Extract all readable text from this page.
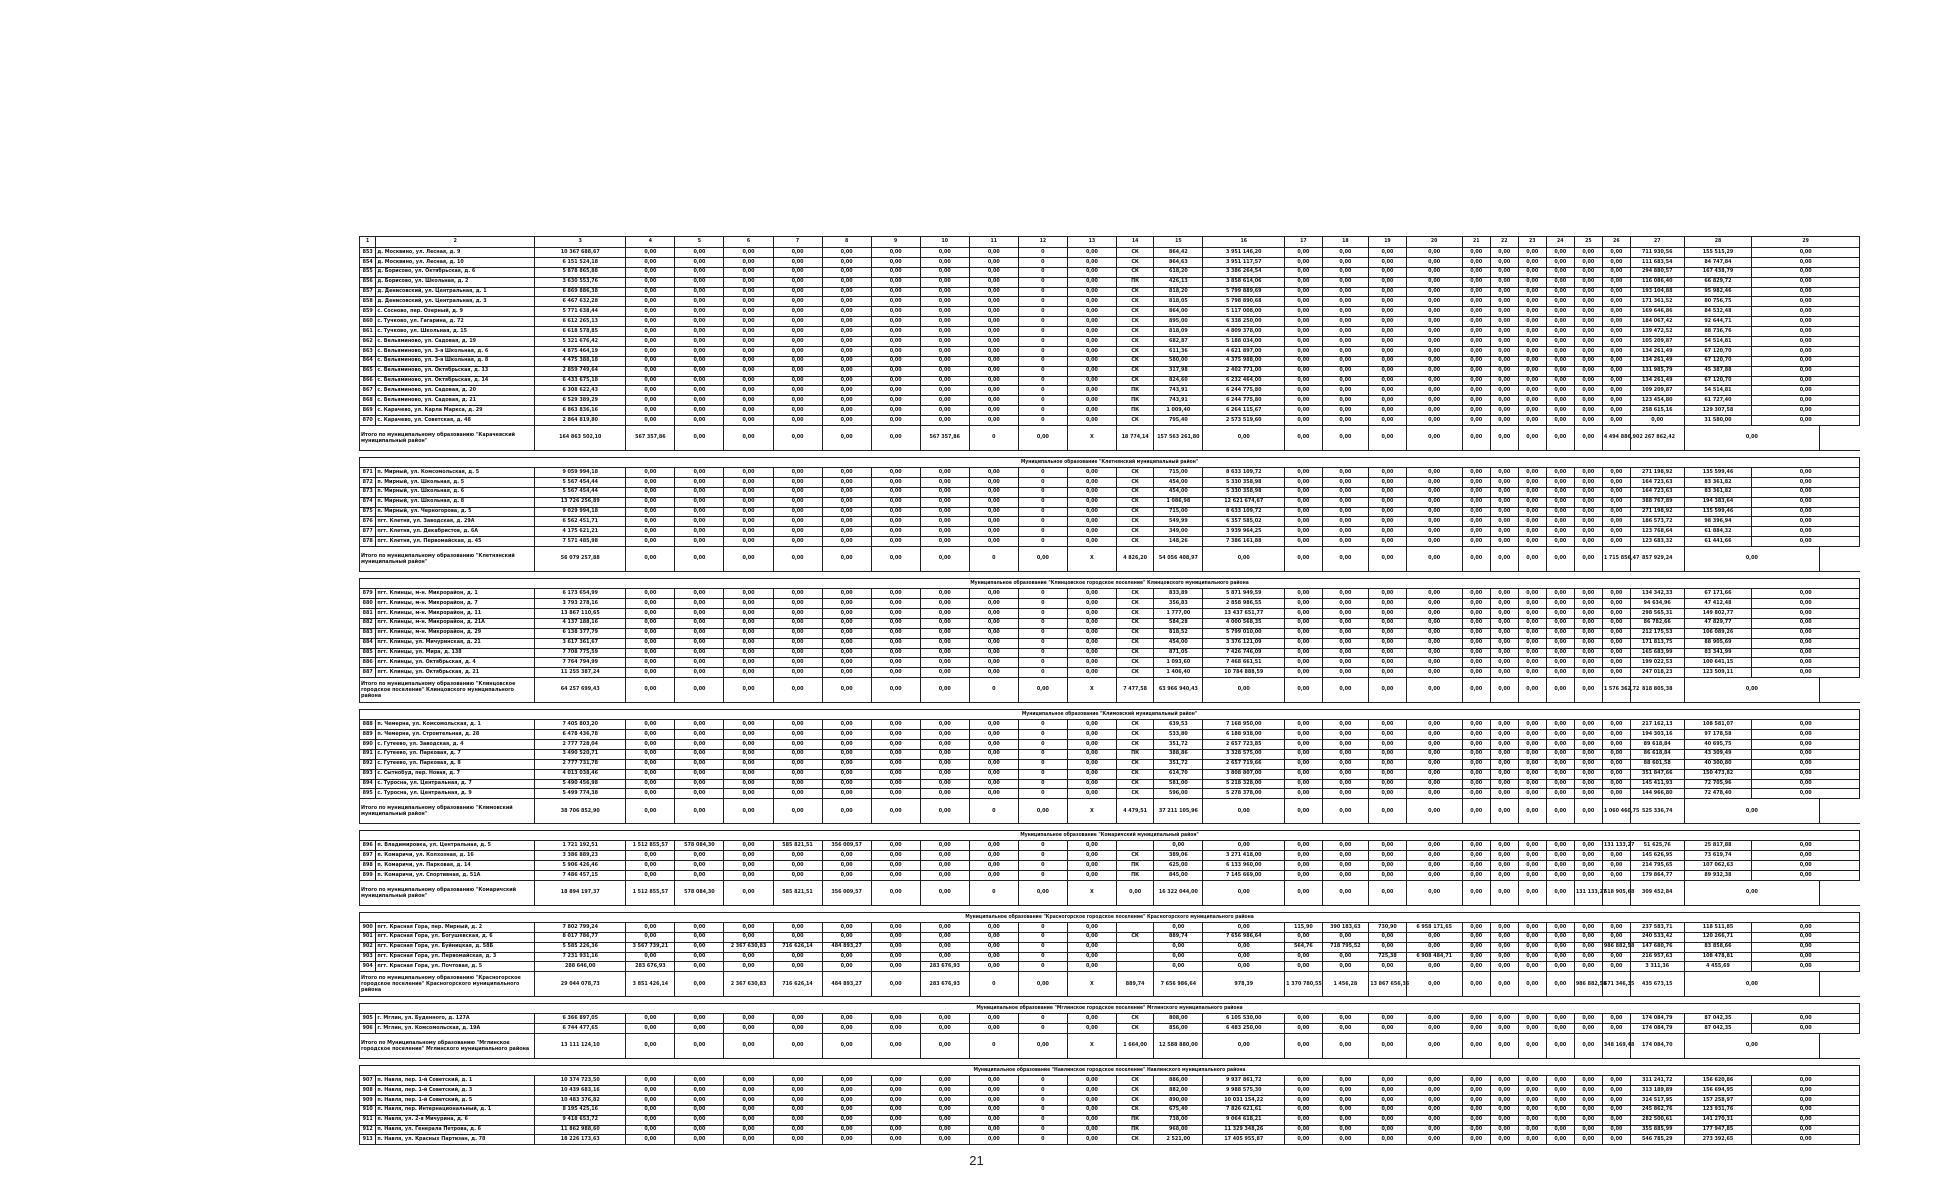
1	2	3	4	5	6	7	8	9	10	11	12	13	14	15	16	17	18	19	20	21	22	23	24	25	26	27	28	29
853	д. Москвино, ул. Лесная, д. 9	10 367 688,67	0,00	0,00	0,00	0,00	0,00	0,00	0,00	0,00	0	0,00	СК	864,42	3 951 146,20	0,00	0,00	0,00	0,00	0,00	0,00	0,00	0,00	0,00	0,00	711 930,56	155 515,29	0,00
854	д. Москвино, ул. Лесная, д. 10	6 151 524,18	0,00	0,00	0,00	0,00	0,00	0,00	0,00	0,00	0	0,00	СК	864,63	3 951 117,57	0,00	0,00	0,00	0,00	0,00	0,00	0,00	0,00	0,00	0,00	111 683,54	84 747,84	0,00
855	д. Борисово, ул. Октябрьская, д. 6	5 878 865,88	0,00	0,00	0,00	0,00	0,00	0,00	0,00	0,00	0	0,00	СК	618,20	3 386 264,54	0,00	0,00	0,00	0,00	0,00	0,00	0,00	0,00	0,00	0,00	294 880,57	167 438,79	0,00
856	д. Борисово, ул. Школьная, д. 2	3 630 553,76	0,00	0,00	0,00	0,00	0,00	0,00	0,00	0,00	0	0,00	ПК	426,13	3 858 614,06	0,00	0,00	0,00	0,00	0,00	0,00	0,00	0,00	0,00	0,00	116 086,40	66 829,72	0,00
857	д. Денисовский, ул. Центральная, д. 1	6 869 886,38	0,00	0,00	0,00	0,00	0,00	0,00	0,00	0,00	0	0,00	СК	818,20	5 799 889,69	0,00	0,00	0,00	0,00	0,00	0,00	0,00	0,00	0,00	0,00	193 104,88	95 982,46	0,00
858	д. Денисовский, ул. Центральная, д. 3	6 467 632,28	0,00	0,00	0,00	0,00	0,00	0,00	0,00	0,00	0	0,00	СК	818,05	5 798 890,68	0,00	0,00	0,00	0,00	0,00	0,00	0,00	0,00	0,00	0,00	171 361,52	80 756,75	0,00
859	с. Сосново, пер. Озерный, д. 9	5 771 638,44	0,00	0,00	0,00	0,00	0,00	0,00	0,00	0,00	0	0,00	СК	864,00	5 117 008,00	0,00	0,00	0,00	0,00	0,00	0,00	0,00	0,00	0,00	0,00	169 646,86	84 532,48	0,00
860	с. Тучково, ул. Гагарина, д. 72	6 612 265,13	0,00	0,00	0,00	0,00	0,00	0,00	0,00	0,00	0	0,00	СК	895,00	6 338 250,00	0,00	0,00	0,00	0,00	0,00	0,00	0,00	0,00	0,00	0,00	184 067,42	92 644,71	0,00
861	с. Тучково, ул. Школьная, д. 15	6 618 578,85	0,00	0,00	0,00	0,00	0,00	0,00	0,00	0,00	0	0,00	СК	818,09	4 809 378,00	0,00	0,00	0,00	0,00	0,00	0,00	0,00	0,00	0,00	0,00	139 472,52	88 736,76	0,00
862	с. Вельяминово, ул. Садовая, д. 19	5 321 676,42	0,00	0,00	0,00	0,00	0,00	0,00	0,00	0,00	0	0,00	СК	682,87	5 188 034,00	0,00	0,00	0,00	0,00	0,00	0,00	0,00	0,00	0,00	0,00	105 209,87	54 514,81	0,00
863	с. Вельяминово, ул. 3-я Школьная, д. 6	4 875 464,19	0,00	0,00	0,00	0,00	0,00	0,00	0,00	0,00	0	0,00	СК	611,36	4 621 897,00	0,00	0,00	0,00	0,00	0,00	0,00	0,00	0,00	0,00	0,00	134 261,49	67 120,70	0,00
864	с. Вельяминово, ул. 3-я Школьная, д. 8	4 475 388,18	0,00	0,00	0,00	0,00	0,00	0,00	0,00	0,00	0	0,00	СК	580,00	4 375 988,00	0,00	0,00	0,00	0,00	0,00	0,00	0,00	0,00	0,00	0,00	134 261,49	67 120,70	0,00
865	с. Вельяминово, ул. Октябрьская, д. 13	2 859 749,64	0,00	0,00	0,00	0,00	0,00	0,00	0,00	0,00	0	0,00	СК	317,98	2 402 771,00	0,00	0,00	0,00	0,00	0,00	0,00	0,00	0,00	0,00	0,00	131 985,79	45 387,88	0,00
866	с. Вельяминово, ул. Октябрьская, д. 14	6 433 675,18	0,00	0,00	0,00	0,00	0,00	0,00	0,00	0,00	0	0,00	СК	824,60	6 232 464,00	0,00	0,00	0,00	0,00	0,00	0,00	0,00	0,00	0,00	0,00	134 261,49	67 120,70	0,00
867	с. Вельяминово, ул. Садовая, д. 20	6 308 622,43	0,00	0,00	0,00	0,00	0,00	0,00	0,00	0,00	0	0,00	ПК	743,91	6 244 775,80	0,00	0,00	0,00	0,00	0,00	0,00	0,00	0,00	0,00	0,00	109 209,87	54 514,81	0,00
868	с. Вельяминово, ул. Садовая, д. 21	6 529 389,29	0,00	0,00	0,00	0,00	0,00	0,00	0,00	0,00	0	0,00	ПК	743,91	6 244 775,80	0,00	0,00	0,00	0,00	0,00	0,00	0,00	0,00	0,00	0,00	123 454,80	61 727,40	0,00
869	с. Карачево, ул. Карла Маркса, д. 29	6 863 836,16	0,00	0,00	0,00	0,00	0,00	0,00	0,00	0,00	0	0,00	ПК	1 009,40	6 264 115,67	0,00	0,00	0,00	0,00	0,00	0,00	0,00	0,00	0,00	0,00	258 615,16	129 307,58	0,00
870	с. Карачево, ул. Советская, д. 48	2 864 819,80	0,00	0,00	0,00	0,00	0,00	0,00	0,00	0,00	0	0,00	СК	795,40	2 573 519,60	0,00	0,00	0,00	0,00	0,00	0,00	0,00	0,00	0,00	0,00	0,00	31 580,00	0,00
Итого по муниципальному образованию "Карачевский муниципальный район"		164 863 502,10	567 357,86	0,00	0,00	0,00	0,00	0,00	567 357,86	0	0,00	X	18 774,14	157 563 261,80	0,00	0,00	0,00	0,00	0,00	0,00	0,00	0,00	0,00	0,00	4 494 886,90	2 267 862,42	0,00	

Муниципальное образование "Клетнянский муниципальный район"																												
871	п. Мирный, ул. Комсомольская, д. 5	9 059 994,18	0,00	0,00	0,00	0,00	0,00	0,00	0,00	0,00	0	0,00	СК	715,00	8 633 109,72	0,00	0,00	0,00	0,00	0,00	0,00	0,00	0,00	0,00	0,00	271 198,92	135 599,46	0,00
872	п. Мирный, ул. Школьная, д. 5	5 567 454,44	0,00	0,00	0,00	0,00	0,00	0,00	0,00	0,00	0	0,00	СК	454,00	5 330 358,98	0,00	0,00	0,00	0,00	0,00	0,00	0,00	0,00	0,00	0,00	164 723,63	83 361,82	0,00
873	п. Мирный, ул. Школьная, д. 6	5 567 454,44	0,00	0,00	0,00	0,00	0,00	0,00	0,00	0,00	0	0,00	СК	454,00	5 330 358,98	0,00	0,00	0,00	0,00	0,00	0,00	0,00	0,00	0,00	0,00	164 723,63	83 361,82	0,00
874	п. Мирный, ул. Школьная, д. 8	13 726 256,89	0,00	0,00	0,00	0,00	0,00	0,00	0,00	0,00	0	0,00	СК	1 086,98	12 621 674,67	0,00	0,00	0,00	0,00	0,00	0,00	0,00	0,00	0,00	0,00	388 767,89	194 383,64	0,00
875	п. Мирный, ул. Черногорова, д. 5	9 029 994,18	0,00	0,00	0,00	0,00	0,00	0,00	0,00	0,00	0	0,00	СК	715,00	8 633 109,72	0,00	0,00	0,00	0,00	0,00	0,00	0,00	0,00	0,00	0,00	271 198,92	135 599,46	0,00
876	пгт. Клетня, ул. Заводская, д. 29А	6 562 451,71	0,00	0,00	0,00	0,00	0,00	0,00	0,00	0,00	0	0,00	СК	549,99	6 357 585,02	0,00	0,00	0,00	0,00	0,00	0,00	0,00	0,00	0,00	0,00	186 573,72	98 396,94	0,00
877	пгт. Клетня, ул. Декабристов, д. 6А	4 175 621,21	0,00	0,00	0,00	0,00	0,00	0,00	0,00	0,00	0	0,00	СК	349,00	3 939 964,25	0,00	0,00	0,00	0,00	0,00	0,00	0,00	0,00	0,00	0,00	123 768,64	61 884,32	0,00
878	пгт. Клетня, ул. Первомайская, д. 45	7 571 485,98	0,00	0,00	0,00	0,00	0,00	0,00	0,00	0,00	0	0,00	СК	148,26	7 386 161,88	0,00	0,00	0,00	0,00	0,00	0,00	0,00	0,00	0,00	0,00	123 683,32	61 441,66	0,00
Итого по муниципальному образованию "Клетнянский муниципальный район"		56 079 257,88	0,00	0,00	0,00	0,00	0,00	0,00	0,00	0	0,00	X	4 826,20	54 056 408,97	0,00	0,00	0,00	0,00	0,00	0,00	0,00	0,00	0,00	0,00	1 715 856,47	857 929,24	0,00	

Муниципальное образование "Клинцовское городское поселение" Клинцовского муниципального района																												
879	пгт. Клинцы, м-н. Микрорайон, д. 1	6 173 654,99	0,00	0,00	0,00	0,00	0,00	0,00	0,00	0,00	0	0,00	СК	833,89	5 871 949,59	0,00	0,00	0,00	0,00	0,00	0,00	0,00	0,00	0,00	0,00	134 342,33	67 171,66	0,00
880	пгт. Клинцы, м-н. Микрорайон, д. 7	3 793 278,16	0,00	0,00	0,00	0,00	0,00	0,00	0,00	0,00	0	0,00	СК	356,83	2 858 986,55	0,00	0,00	0,00	0,00	0,00	0,00	0,00	0,00	0,00	0,00	94 634,96	47 412,48	0,00
881	пгт. Клинцы, м-н. Микрорайон, д. 11	13 867 110,65	0,00	0,00	0,00	0,00	0,00	0,00	0,00	0,00	0	0,00	СК	1 777,00	13 437 651,77	0,00	0,00	0,00	0,00	0,00	0,00	0,00	0,00	0,00	0,00	298 565,31	149 802,77	0,00
882	пгт. Клинцы, м-н. Микрорайон, д. 21А	4 137 188,16	0,00	0,00	0,00	0,00	0,00	0,00	0,00	0,00	0	0,00	СК	584,28	4 000 568,35	0,00	0,00	0,00	0,00	0,00	0,00	0,00	0,00	0,00	0,00	86 782,66	47 829,77	0,00
883	пгт. Клинцы, м-н. Микрорайон, д. 29	6 138 377,79	0,00	0,00	0,00	0,00	0,00	0,00	0,00	0,00	0	0,00	СК	818,52	5 799 010,00	0,00	0,00	0,00	0,00	0,00	0,00	0,00	0,00	0,00	0,00	212 175,53	106 089,26	0,00
884	пгт. Клинцы, ул. Мичуринская, д. 21	3 617 361,67	0,00	0,00	0,00	0,00	0,00	0,00	0,00	0,00	0	0,00	СК	454,00	3 376 121,09	0,00	0,00	0,00	0,00	0,00	0,00	0,00	0,00	0,00	0,00	171 813,75	88 905,69	0,00
885	пгт. Клинцы, ул. Мира, д. 138	7 708 775,59	0,00	0,00	0,00	0,00	0,00	0,00	0,00	0,00	0	0,00	СК	871,05	7 426 746,09	0,00	0,00	0,00	0,00	0,00	0,00	0,00	0,00	0,00	0,00	165 683,99	83 341,99	0,00
886	пгт. Клинцы, ул. Октябрьская, д. 4	7 764 794,99	0,00	0,00	0,00	0,00	0,00	0,00	0,00	0,00	0	0,00	СК	1 093,60	7 468 661,51	0,00	0,00	0,00	0,00	0,00	0,00	0,00	0,00	0,00	0,00	199 022,53	100 641,15	0,00
887	пгт. Клинцы, ул. Октябрьская, д. 21	11 255 387,24	0,00	0,00	0,00	0,00	0,00	0,00	0,00	0,00	0	0,00	СК	1 406,40	10 784 888,59	0,00	0,00	0,00	0,00	0,00	0,00	0,00	0,00	0,00	0,00	247 018,23	123 509,11	0,00
Итого по муниципальному образованию "Клинцовское городское поселение" Клинцовского муниципального района		64 257 699,43	0,00	0,00	0,00	0,00	0,00	0,00	0,00	0	0,00	X	7 477,58	63 966 940,43	0,00	0,00	0,00	0,00	0,00	0,00	0,00	0,00	0,00	0,00	1 576 362,72	818 805,38	0,00	

Муниципальное образование "Климовский муниципальный район"																												
888	п. Чемерна, ул. Комсомольская, д. 1	7 405 803,20	0,00	0,00	0,00	0,00	0,00	0,00	0,00	0,00	0	0,00	СК	639,53	7 168 950,00	0,00	0,00	0,00	0,00	0,00	0,00	0,00	0,00	0,00	0,00	217 162,13	108 581,07	0,00
889	п. Чемерна, ул. Строительная, д. 28	6 478 436,78	0,00	0,00	0,00	0,00	0,00	0,00	0,00	0,00	0	0,00	СК	533,80	6 188 938,00	0,00	0,00	0,00	0,00	0,00	0,00	0,00	0,00	0,00	0,00	194 303,16	97 178,58	0,00
890	с. Гутеево, ул. Заводская, д. 4	2 777 728,04	0,00	0,00	0,00	0,00	0,00	0,00	0,00	0,00	0	0,00	СК	351,72	2 657 723,85	0,00	0,00	0,00	0,00	0,00	0,00	0,00	0,00	0,00	0,00	89 618,84	40 695,75	0,00
891	с. Гутеево, ул. Парковая, д. 7	3 490 520,71	0,00	0,00	0,00	0,00	0,00	0,00	0,00	0,00	0	0,00	ПК	388,86	3 328 575,00	0,00	0,00	0,00	0,00	0,00	0,00	0,00	0,00	0,00	0,00	86 618,84	43 309,49	0,00
892	с. Гутеево, ул. Парковая, д. 8	2 777 731,78	0,00	0,00	0,00	0,00	0,00	0,00	0,00	0,00	0	0,00	СК	351,72	2 657 719,66	0,00	0,00	0,00	0,00	0,00	0,00	0,00	0,00	0,00	0,00	88 601,58	40 300,80	0,00
893	с. Сытнобуд, пер. Новая, д. 7	4 013 038,46	0,00	0,00	0,00	0,00	0,00	0,00	0,00	0,00	0	0,00	СК	614,70	3 808 807,00	0,00	0,00	0,00	0,00	0,00	0,00	0,00	0,00	0,00	0,00	351 847,66	150 473,82	0,00
894	с. Туросна, ул. Центральная, д. 7	5 490 456,98	0,00	0,00	0,00	0,00	0,00	0,00	0,00	0,00	0	0,00	СК	581,00	5 218 328,00	0,00	0,00	0,00	0,00	0,00	0,00	0,00	0,00	0,00	0,00	145 411,93	72 705,96	0,00
895	с. Туросна, ул. Центральная, д. 9	5 499 774,38	0,00	0,00	0,00	0,00	0,00	0,00	0,00	0,00	0	0,00	СК	596,00	5 278 378,00	0,00	0,00	0,00	0,00	0,00	0,00	0,00	0,00	0,00	0,00	144 966,80	72 478,40	0,00
Итого по муниципальному образованию "Климовский муниципальный район"		38 706 852,90	0,00	0,00	0,00	0,00	0,00	0,00	0,00	0	0,00	X	4 479,51	37 211 105,96	0,00	0,00	0,00	0,00	0,00	0,00	0,00	0,00	0,00	0,00	1 060 460,75	525 336,74	0,00	

Муниципальное образование "Комаричский муниципальный район"																												
896	п. Владимировка, ул. Центральная, д. 5	1 721 192,51	1 512 855,57	578 084,30	0,00	585 821,51	356 009,57	0,00	0,00	0,00	0	0,00		0,00	0,00	0,00	0,00	0,00	0,00	0,00	0,00	0,00	0,00	0,00	131 133,27	51 625,76	25 817,88	0,00
897	п. Комаричи, ул. Колхозная, д. 16	3 386 889,23	0,00	0,00	0,00	0,00	0,00	0,00	0,00	0,00	0	0,00	СК	389,06	3 271 418,00	0,00	0,00	0,00	0,00	0,00	0,00	0,00	0,00	0,00	0,00	145 626,95	73 619,74	0,00
898	п. Комаричи, ул. Парковая, д. 14	5 906 426,46	0,00	0,00	0,00	0,00	0,00	0,00	0,00	0,00	0	0,00	ПК	625,00	6 133 960,00	0,00	0,00	0,00	0,00	0,00	0,00	0,00	0,00	0,00	0,00	214 795,65	107 062,63	0,00
899	п. Комаричи, ул. Спортивная, д. 51А	7 486 457,15	0,00	0,00	0,00	0,00	0,00	0,00	0,00	0,00	0	0,00	ПК	845,00	7 145 669,00	0,00	0,00	0,00	0,00	0,00	0,00	0,00	0,00	0,00	0,00	179 864,77	89 932,38	0,00
Итого по муниципальному образованию "Комаричский муниципальный район"		18 894 197,37	1 512 855,57	578 084,30	0,00	585 821,51	356 009,57	0,00	0,00	0	0,00	X	0,00	16 322 044,00	0,00	0,00	0,00	0,00	0,00	0,00	0,00	0,00	0,00	131 133,27	618 905,68	309 452,84	0,00	

Муниципальное образование "Красногорское городское поселение" Красногорского муниципального района																												
900	пгт. Красная Гора, пер. Мирный, д. 2	7 802 799,24	0,00	0,00	0,00	0,00	0,00	0,00	0,00	0,00	0	0,00		0,00	0,00	115,90	390 183,63	730,90	6 958 171,65	0,00	0,00	0,00	0,00	0,00	0,00	237 583,71	118 511,85	0,00
901	пгт. Красная Гора, ул. Богушевская, д. 6	8 017 786,77	0,00	0,00	0,00	0,00	0,00	0,00	0,00	0,00	0	0,00	СК	889,74	7 656 986,64	0,00	0,00	0,00	0,00	0,00	0,00	0,00	0,00	0,00	0,00	240 533,42	120 266,71	0,00
902	пгт. Красная Гора, ул. Буйницкая, д. 58Б	5 585 226,36	3 567 739,21	0,00	2 367 630,83	716 626,14	484 893,27	0,00	0,00	0,00	0	0,00		0,00	0,00	564,76	718 795,52	0,00	0,00	0,00	0,00	0,00	0,00	0,00	986 882,58	147 680,76	83 858,66	0,00
903	пгт. Красная Гора, ул. Первомайская, д. 3	7 231 931,16	0,00	0,00	0,00	0,00	0,00	0,00	0,00	0,00	0	0,00		0,00	0,00	0,00	0,00	725,38	6 908 484,71	0,00	0,00	0,00	0,00	0,00	0,00	216 957,63	108 478,81	0,00
904	пгт. Красная Гора, ул. Почтовая, д. 5	288 646,00	283 676,93	0,00	0,00	0,00	0,00	0,00	283 676,93	0,00	0	0,00		0,00	0,00	0,00	0,00	0,00	0,00	0,00	0,00	0,00	0,00	0,00	0,00	3 311,36	4 455,69	0,00
Итого по муниципальному образованию "Красногорское городское поселение" Красногорского муниципального района		29 044 078,73	3 851 426,14	0,00	2 367 630,83	716 626,14	484 893,27	0,00	283 676,93	0	0,00	X	889,74	7 656 986,64	978,39	1 370 780,55	1 456,28	13 867 656,36	0,00	0,00	0,00	0,00	0,00	986 882,58	671 346,35	435 673,15	0,00	

Муниципальное образование "Мглинское городское поселение" Мглинского муниципального района																												
905	г. Мглин, ул. Буденного, д. 127А	6 366 897,05	0,00	0,00	0,00	0,00	0,00	0,00	0,00	0,00	0	0,00	СК	808,00	6 105 530,00	0,00	0,00	0,00	0,00	0,00	0,00	0,00	0,00	0,00	0,00	174 084,79	87 042,35	0,00
906	г. Мглин, ул. Комсомольская, д. 19А	6 744 477,65	0,00	0,00	0,00	0,00	0,00	0,00	0,00	0,00	0	0,00	СК	856,00	6 483 250,00	0,00	0,00	0,00	0,00	0,00	0,00	0,00	0,00	0,00	0,00	174 084,79	87 042,35	0,00
Итого по Муниципальному образованию "Мглинское городское поселение" Мглинского муниципального района		13 111 124,10	0,00	0,00	0,00	0,00	0,00	0,00	0,00	0	0,00	X	1 664,00	12 588 880,00	0,00	0,00	0,00	0,00	0,00	0,00	0,00	0,00	0,00	0,00	348 169,48	174 084,70	0,00	

Муниципальное образование "Навлинское городское поселение" Навлинского муниципального района																												
907	п. Навля, пер. 1-й Советский, д. 1	10 374 723,50	0,00	0,00	0,00	0,00	0,00	0,00	0,00	0,00	0	0,00	СК	886,00	9 937 861,72	0,00	0,00	0,00	0,00	0,00	0,00	0,00	0,00	0,00	0,00	311 241,72	156 620,86	0,00
908	п. Навля, пер. 1-й Советский, д. 3	10 439 683,16	0,00	0,00	0,00	0,00	0,00	0,00	0,00	0,00	0	0,00	СК	882,00	9 988 575,30	0,00	0,00	0,00	0,00	0,00	0,00	0,00	0,00	0,00	0,00	313 189,89	156 694,95	0,00
909	п. Навля, пер. 1-й Советский, д. 5	10 483 376,82	0,00	0,00	0,00	0,00	0,00	0,00	0,00	0,00	0	0,00	СК	890,00	10 031 154,22	0,00	0,00	0,00	0,00	0,00	0,00	0,00	0,00	0,00	0,00	314 517,95	157 258,97	0,00
910	п. Навля, пер. Интернациональный, д. 1	8 195 425,16	0,00	0,00	0,00	0,00	0,00	0,00	0,00	0,00	0	0,00	СК	675,40	7 826 621,61	0,00	0,00	0,00	0,00	0,00	0,00	0,00	0,00	0,00	0,00	245 862,76	123 931,76	0,00
911	п. Навля, ул. 2-я Мичурина, д. 6	9 418 653,72	0,00	0,00	0,00	0,00	0,00	0,00	0,00	0,00	0	0,00	ПК	738,00	9 064 618,21	0,00	0,00	0,00	0,00	0,00	0,00	0,00	0,00	0,00	0,00	282 500,61	141 270,31	0,00
912	п. Навля, ул. Генерала Петрова, д. 6	11 862 988,60	0,00	0,00	0,00	0,00	0,00	0,00	0,00	0,00	0	0,00	ПК	968,00	11 329 348,26	0,00	0,00	0,00	0,00	0,00	0,00	0,00	0,00	0,00	0,00	355 885,99	177 947,85	0,00
913	п. Навля, ул. Красных Партизан, д. 78	18 226 173,63	0,00	0,00	0,00	0,00	0,00	0,00	0,00	0,00	0	0,00	СК	2 521,00	17 405 955,87	0,00	0,00	0,00	0,00	0,00	0,00	0,00	0,00	0,00	0,00	546 785,29	273 392,65	0,00
21
